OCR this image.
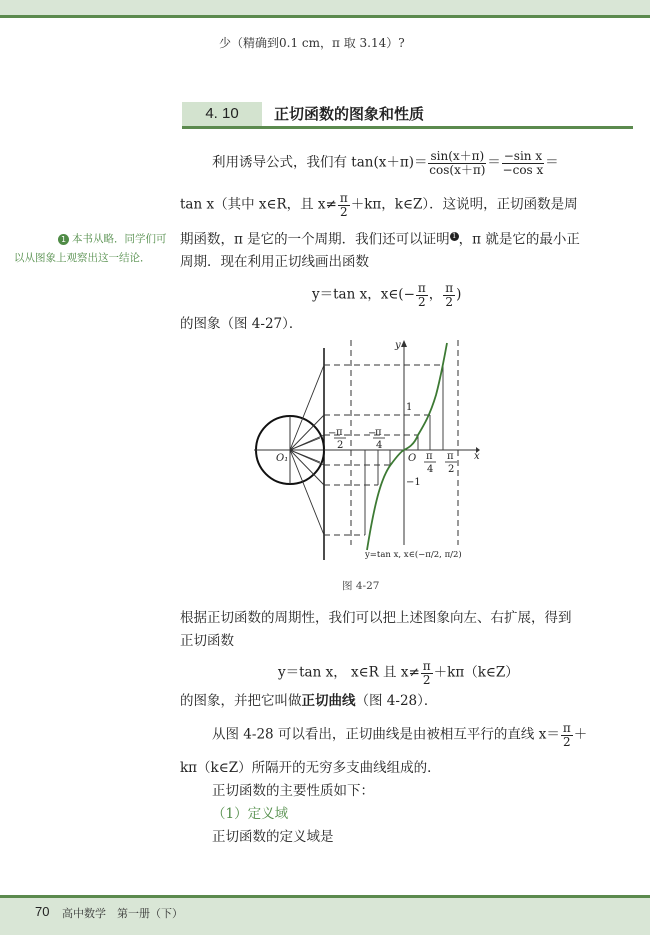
少（精确到0.1 cm，π 取 3.14）?
4. 10	正切函数的图象和性质
利用诱导公式，我们有 $\tan(x+\pi)= \frac{\sin(x+\pi)}{\cos(x+\pi)} = \frac{\text{−sin x}}{\text{−cos x}}$ ＝
tan x（其中 x∈R，且 $x\ne \frac{\pi}{2} +k\pi$，k∈Z）．这说明，正切函数是周
期函数，π 是它的一个周期．我们还可以证明 1 ，π 就是它的最小正
周期．现在利用正切线画出函数
y＝tan x，x∈(− $\frac{\pi}{2}$ ， $\frac{\pi}{2}$ )
的图象（图 4-27）．
1 本书从略．同学们可以从图象上观察出这一结论．
y
x
O
O₁
1
−1
− π
2
−
π
4
π
4
π
2
y=tan x, x∈(−π/2, π/2)
图 4-27
根据正切函数的周期性，我们可以把上述图象向左、右扩展，得到
正切函数
y＝tan x， x∈R 且 $x\ne \frac{\pi}{2}$ ＋kπ（k∈Z）
的图象，并把它叫做正切曲线（图 4-28）．
从图 4-28 可以看出，正切曲线是由被相互平行的直线 $x= \frac{\pi}{2}$ ＋
kπ（k∈Z）所隔开的无穷多支曲线组成的．
正切函数的主要性质如下：
（1）定义域
正切函数的定义域是
70 高中数学　第一册（下）
